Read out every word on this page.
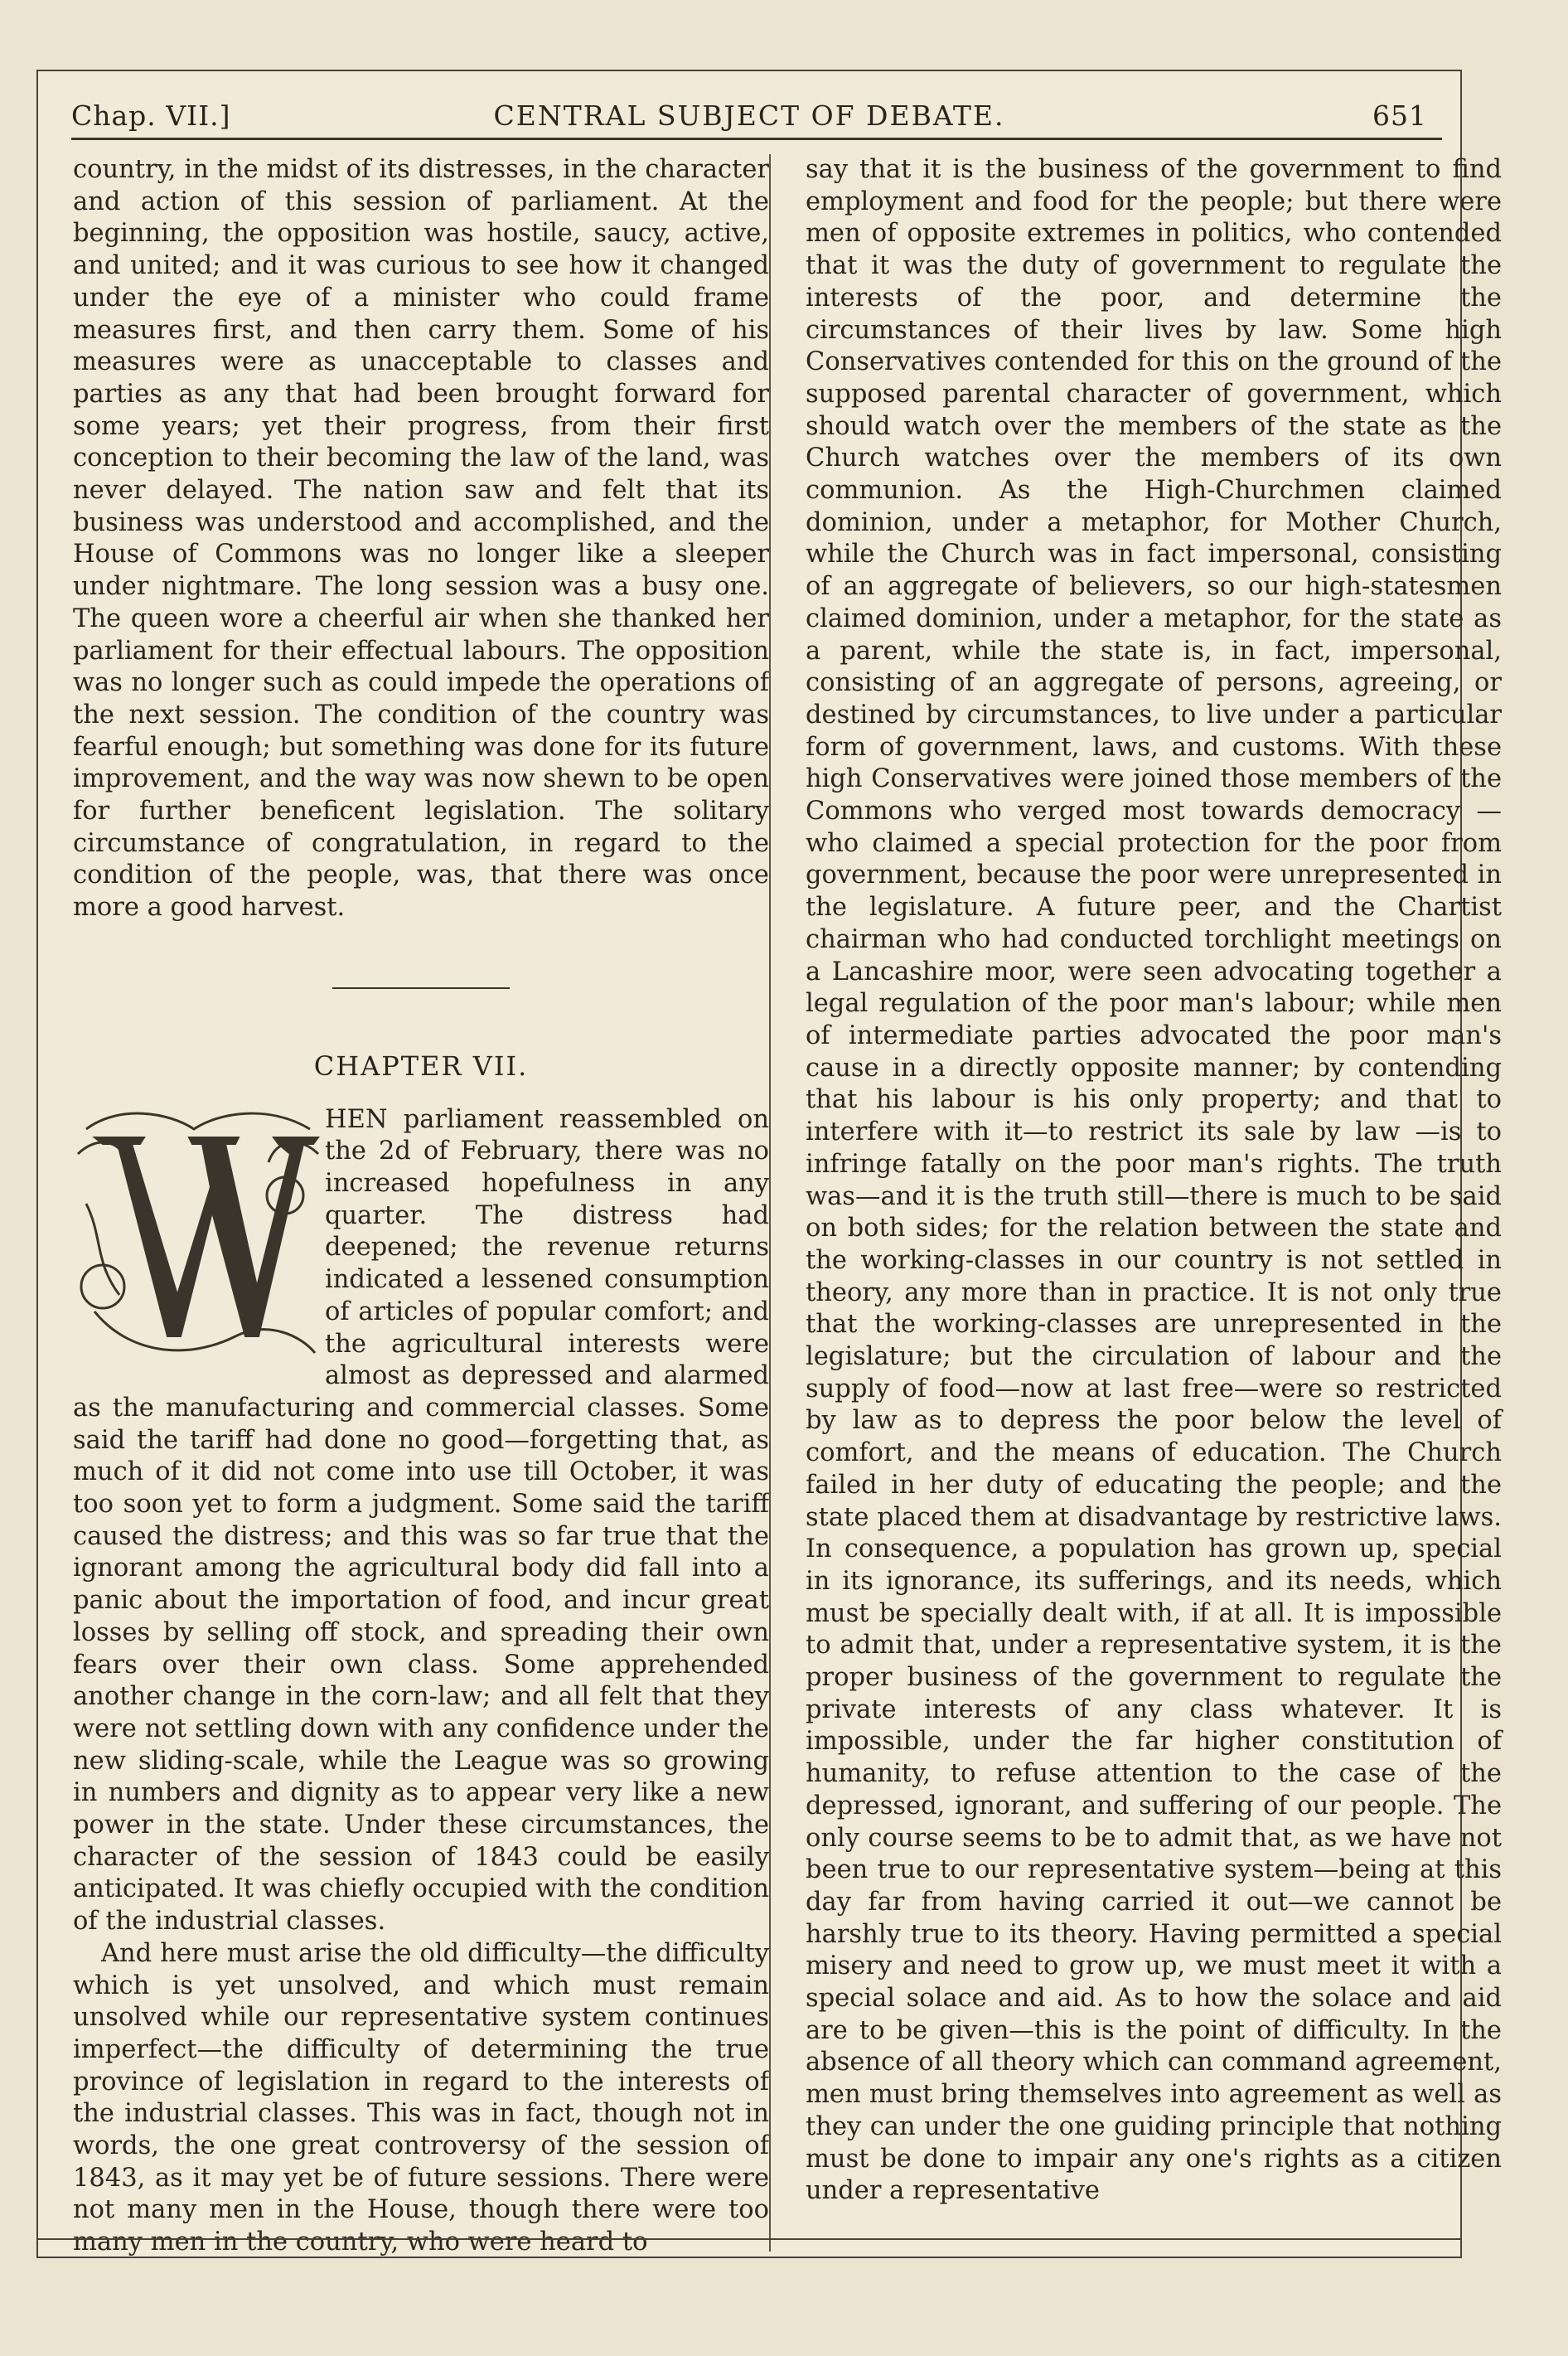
Chap. VII.]	CENTRAL SUBJECT OF DEBATE.	651

country, in the midst of its distresses, in the character and action of this session of parliament. At the beginning, the opposition was hostile, saucy, active, and united; and it was curious to see how it changed under the eye of a minister who could frame measures first, and then carry them. Some of his measures were as unacceptable to classes and parties as any that had been brought forward for some years; yet their progress, from their first conception to their becoming the law of the land, was never delayed. The nation saw and felt that its business was understood and accomplished, and the House of Commons was no longer like a sleeper under nightmare. The long session was a busy one. The queen wore a cheerful air when she thanked her parliament for their effectual labours. The opposition was no longer such as could impede the operations of the next session. The condition of the country was fearful enough; but something was done for its future improvement, and the way was now shewn to be open for further beneficent legislation. The solitary circumstance of congratulation, in regard to the condition of the people, was, that there was once more a good harvest.

CHAPTER VII.

HEN parliament reassembled on the 2d of February, there was no increased hopefulness in any quarter. The distress had deepened; the revenue returns indicated a lessened consumption of articles of popular comfort; and the agricultural interests were almost as depressed and alarmed as the manufacturing and commercial classes. Some said the tariff had done no good—forgetting that, as much of it did not come into use till October, it was too soon yet to form a judgment. Some said the tariff caused the distress; and this was so far true that the ignorant among the agricultural body did fall into a panic about the importation of food, and incur great losses by selling off stock, and spreading their own fears over their own class. Some apprehended another change in the corn-law; and all felt that they were not settling down with any confidence under the new sliding-scale, while the League was so growing in numbers and dignity as to appear very like a new power in the state. Under these circumstances, the character of the session of 1843 could be easily anticipated. It was chiefly occupied with the condition of the industrial classes.

And here must arise the old difficulty—the difficulty which is yet unsolved, and which must remain unsolved while our representative system continues imperfect—the difficulty of determining the true province of legislation in regard to the interests of the industrial classes. This was in fact, though not in words, the one great controversy of the session of 1843, as it may yet be of future sessions. There were not many men in the House, though there were too many men in the country, who were heard to

say that it is the business of the government to find employment and food for the people; but there were men of opposite extremes in politics, who contended that it was the duty of government to regulate the interests of the poor, and determine the circumstances of their lives by law. Some high Conservatives contended for this on the ground of the supposed parental character of government, which should watch over the members of the state as the Church watches over the members of its own communion. As the High-Churchmen claimed dominion, under a metaphor, for Mother Church, while the Church was in fact impersonal, consisting of an aggregate of believers, so our high-statesmen claimed dominion, under a metaphor, for the state as a parent, while the state is, in fact, impersonal, consisting of an aggregate of persons, agreeing, or destined by circumstances, to live under a particular form of government, laws, and customs. With these high Conservatives were joined those members of the Commons who verged most towards democracy —who claimed a special protection for the poor from government, because the poor were unrepresented in the legislature. A future peer, and the Chartist chairman who had conducted torchlight meetings on a Lancashire moor, were seen advocating together a legal regulation of the poor man's labour; while men of intermediate parties advocated the poor man's cause in a directly opposite manner; by contending that his labour is his only property; and that to interfere with it—to restrict its sale by law —is to infringe fatally on the poor man's rights. The truth was—and it is the truth still—there is much to be said on both sides; for the relation between the state and the working-classes in our country is not settled in theory, any more than in practice. It is not only true that the working-classes are unrepresented in the legislature; but the circulation of labour and the supply of food—now at last free—were so restricted by law as to depress the poor below the level of comfort, and the means of education. The Church failed in her duty of educating the people; and the state placed them at disadvantage by restrictive laws. In consequence, a population has grown up, special in its ignorance, its sufferings, and its needs, which must be specially dealt with, if at all. It is impossible to admit that, under a representative system, it is the proper business of the government to regulate the private interests of any class whatever. It is impossible, under the far higher constitution of humanity, to refuse attention to the case of the depressed, ignorant, and suffering of our people. The only course seems to be to admit that, as we have not been true to our representative system—being at this day far from having carried it out—we cannot be harshly true to its theory. Having permitted a special misery and need to grow up, we must meet it with a special solace and aid. As to how the solace and aid are to be given—this is the point of difficulty. In the absence of all theory which can command agreement, men must bring themselves into agreement as well as they can under the one guiding principle that nothing must be done to impair any one's rights as a citizen under a representative
